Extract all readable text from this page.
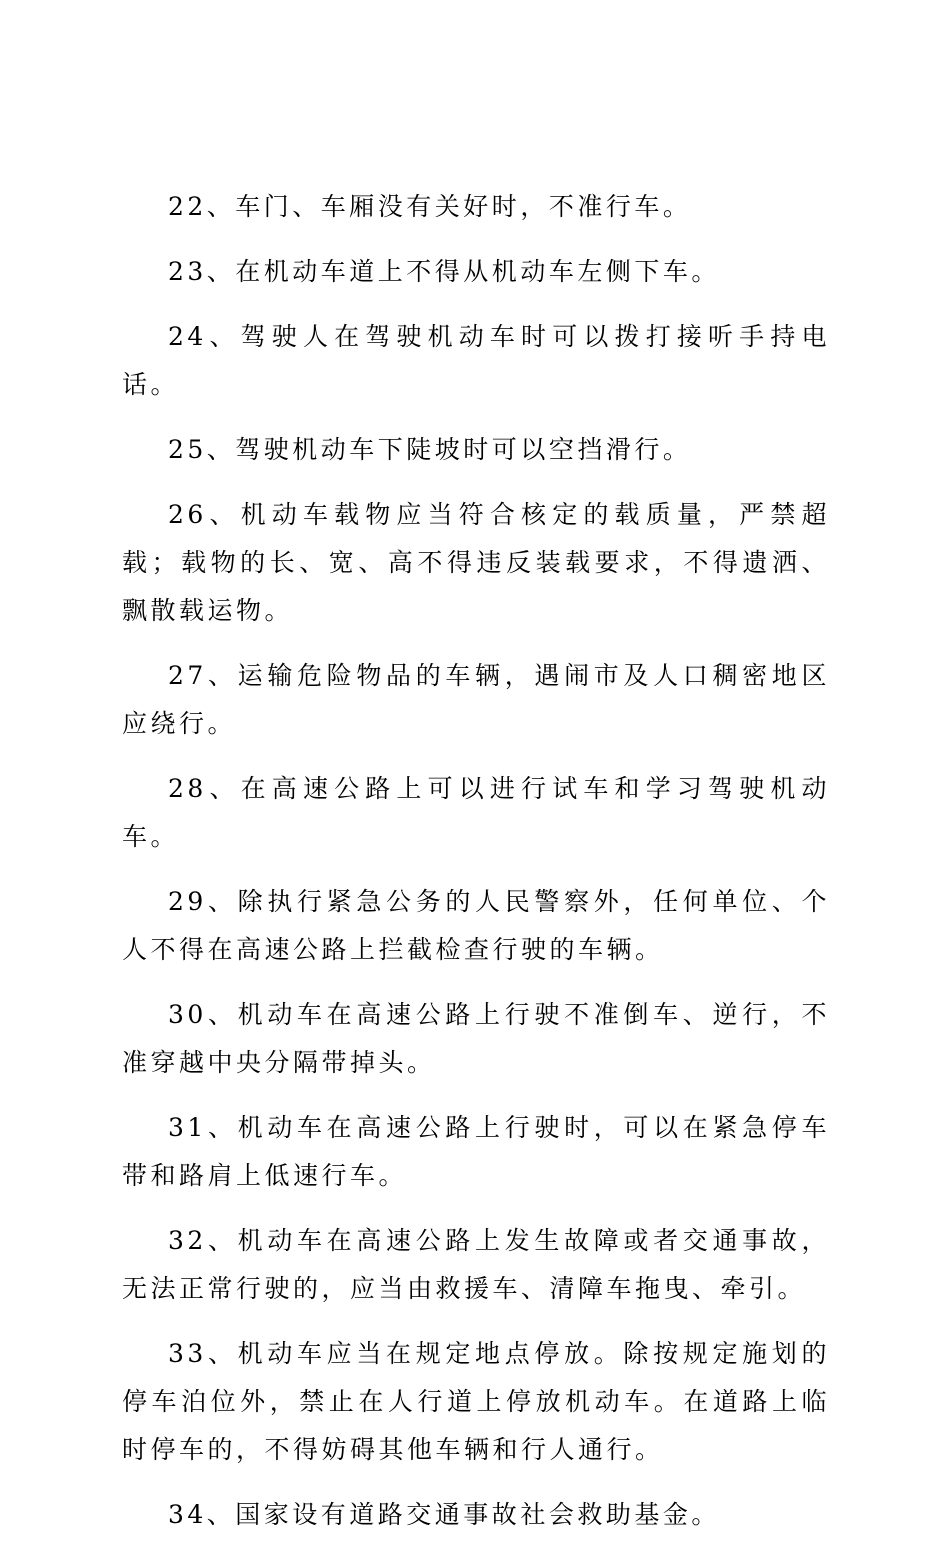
22、车门、车厢没有关好时，不准行车。

23、在机动车道上不得从机动车左侧下车。

24、驾驶人在驾驶机动车时可以拨打接听手持电话。

25、驾驶机动车下陡坡时可以空挡滑行。

26、机动车载物应当符合核定的载质量，严禁超载；载物的长、宽、高不得违反装载要求，不得遗洒、飘散载运物。

27、运输危险物品的车辆，遇闹市及人口稠密地区应绕行。

28、在高速公路上可以进行试车和学习驾驶机动车。

29、除执行紧急公务的人民警察外，任何单位、个人不得在高速公路上拦截检查行驶的车辆。

30、机动车在高速公路上行驶不准倒车、逆行，不准穿越中央分隔带掉头。

31、机动车在高速公路上行驶时，可以在紧急停车带和路肩上低速行车。

32、机动车在高速公路上发生故障或者交通事故，无法正常行驶的，应当由救援车、清障车拖曳、牵引。

33、机动车应当在规定地点停放。除按规定施划的停车泊位外，禁止在人行道上停放机动车。在道路上临时停车的，不得妨碍其他车辆和行人通行。

34、国家设有道路交通事故社会救助基金。
